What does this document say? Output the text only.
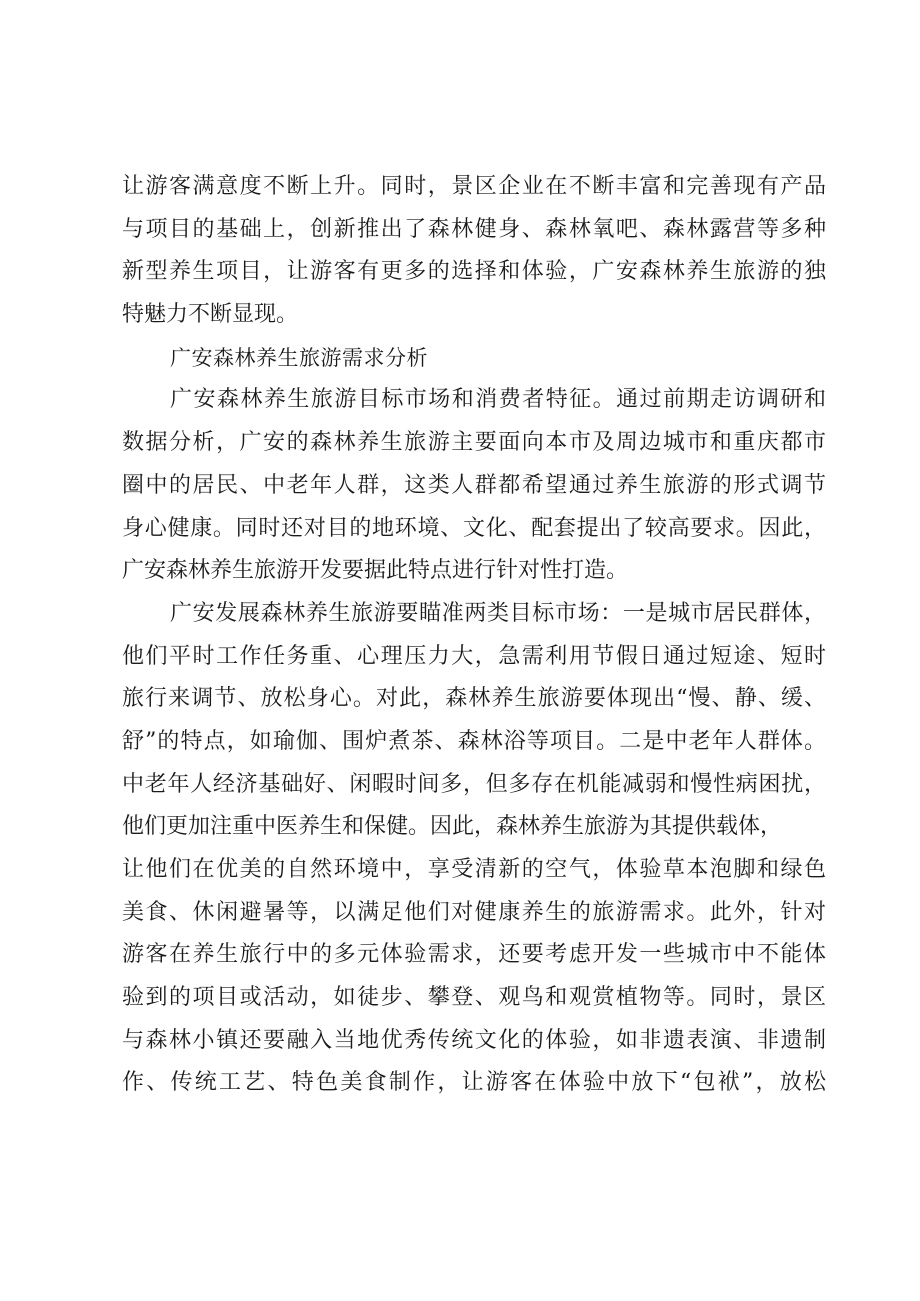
让游客满意度不断上升。同时，景区企业在不断丰富和完善现有产品
与项目的基础上，创新推出了森林健身、森林氧吧、森林露营等多种
新型养生项目，让游客有更多的选择和体验，广安森林养生旅游的独
特魅力不断显现。
广安森林养生旅游需求分析
广安森林养生旅游目标市场和消费者特征。通过前期走访调研和
数据分析，广安的森林养生旅游主要面向本市及周边城市和重庆都市
圈中的居民、中老年人群，这类人群都希望通过养生旅游的形式调节
身心健康。同时还对目的地环境、文化、配套提出了较高要求。因此，
广安森林养生旅游开发要据此特点进行针对性打造。
广安发展森林养生旅游要瞄准两类目标市场：一是城市居民群体，
他们平时工作任务重、心理压力大，急需利用节假日通过短途、短时
旅行来调节、放松身心。对此，森林养生旅游要体现出“慢、静、缓、
舒”的特点，如瑜伽、围炉煮茶、森林浴等项目。二是中老年人群体。
中老年人经济基础好、闲暇时间多，但多存在机能减弱和慢性病困扰，
他们更加注重中医养生和保健。因此，森林养生旅游为其提供载体，
让他们在优美的自然环境中，享受清新的空气，体验草本泡脚和绿色
美食、休闲避暑等，以满足他们对健康养生的旅游需求。此外，针对
游客在养生旅行中的多元体验需求，还要考虑开发一些城市中不能体
验到的项目或活动，如徒步、攀登、观鸟和观赏植物等。同时，景区
与森林小镇还要融入当地优秀传统文化的体验，如非遗表演、非遗制
作、传统工艺、特色美食制作，让游客在体验中放下“包袱”，放松
